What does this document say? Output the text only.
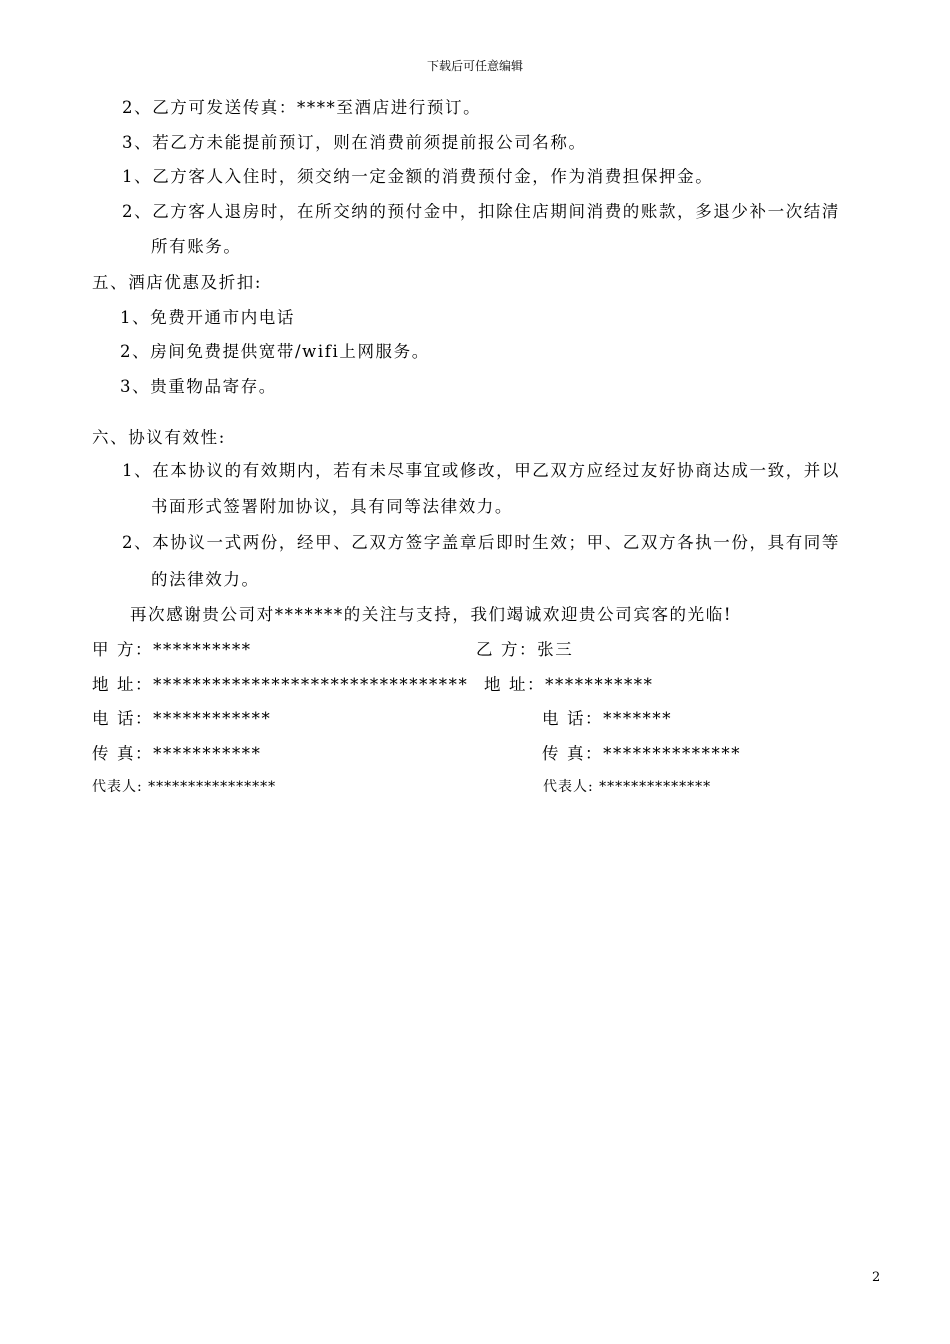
下载后可任意编辑
2、乙方可发送传真：****至酒店进行预订。
3、若乙方未能提前预订，则在消费前须提前报公司名称。
1、乙方客人入住时，须交纳一定金额的消费预付金，作为消费担保押金。
2、乙方客人退房时，在所交纳的预付金中，扣除住店期间消费的账款，多退少补一次结清
所有账务。
五、酒店优惠及折扣:
1、免费开通市内电话
2、房间免费提供宽带/wifi上网服务。
3、贵重物品寄存。
六、协议有效性:
1、在本协议的有效期内，若有未尽事宜或修改，甲乙双方应经过友好协商达成一致，并以
书面形式签署附加协议，具有同等法律效力。
2、本协议一式两份，经甲、乙双方签字盖章后即时生效；甲、乙双方各执一份，具有同等
的法律效力。
再次感谢贵公司对*******的关注与支持，我们竭诚欢迎贵公司宾客的光临!
甲 方：**********	乙 方：张三
地 址：******************************** 地 址：***********
电 话：************	电 话：*******
传 真：***********	传 真：**************
代表人: ****************	代表人: **************
2
